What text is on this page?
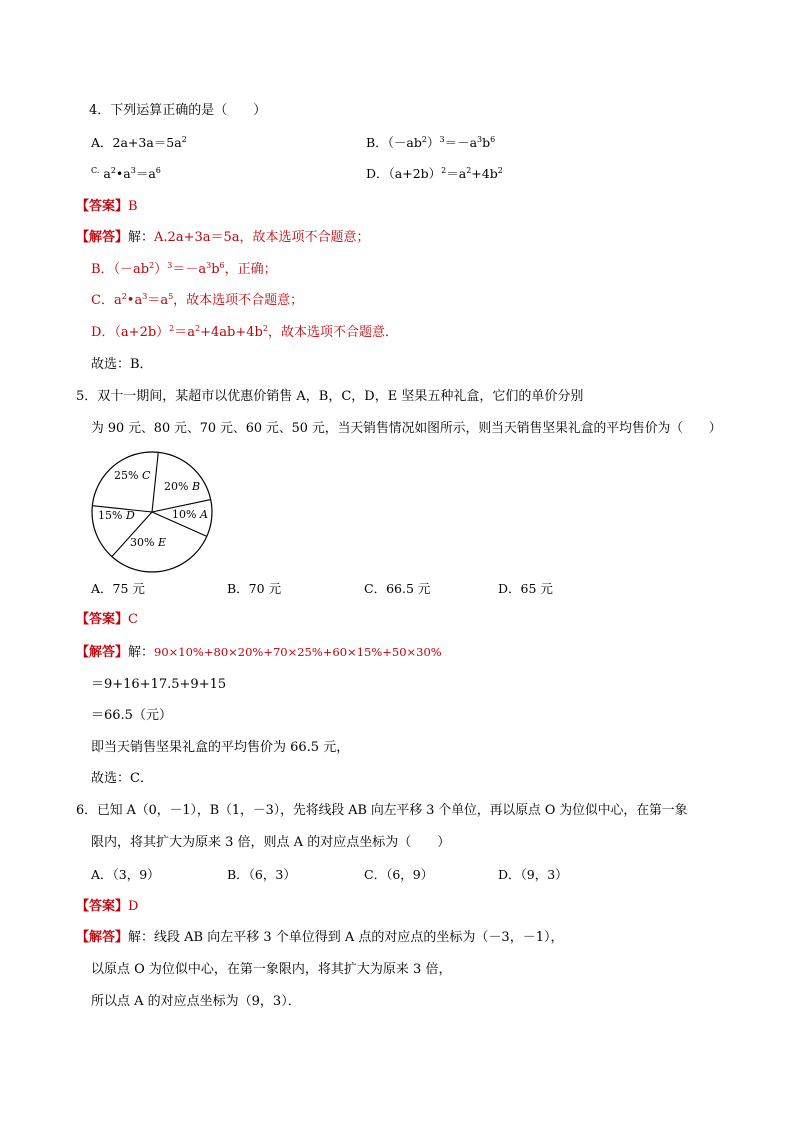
4．下列运算正确的是（　　）
A．$2a+3a=5a^2$	B．$(-ab^2)^3=-a^3b^6$
$^{C.}$ $a^2•a^3=a^6$	D．$(a+2b)^2=a^2+4b^2$
【答案】B
【解答】解：A.2a+3a＝5a，故本选项不合题意；
B．$(-ab^2)^3=-a^3b^6$，正确；
C．$a^2•a^3=a^5$，故本选项不合题意；
D．$(a+2b)^2=a^2+4ab+4b^2$，故本选项不合题意．
故选：B．
5．双十一期间，某超市以优惠价销售 A，B，C，D，E 坚果五种礼盒，它们的单价分别
为 90 元、80 元、70 元、60 元、50 元，当天销售情况如图所示，则当天销售坚果礼盒的平均售价为（　　）
25% C
20% B
10% A
15% D
30% E
A．75 元	B．70 元	C．66.5 元	D．65 元
【答案】C
【解答】解：90×10%+80×20%+70×25%+60×15%+50×30%
＝9+16+17.5+9+15
＝66.5（元）
即当天销售坚果礼盒的平均售价为 66.5 元，
故选：C．
6．已知 A（0，－1），B（1，－3），先将线段 AB 向左平移 3 个单位，再以原点 O 为位似中心，在第一象
限内，将其扩大为原来 3 倍，则点 A 的对应点坐标为（　　）
A．（3，9）	B．（6，3）	C．（6，9）	D．（9，3）
【答案】D
【解答】解：线段 AB 向左平移 3 个单位得到 A 点的对应点的坐标为（－3，－1），
以原点 O 为位似中心，在第一象限内，将其扩大为原来 3 倍，
所以点 A 的对应点坐标为（9，3）．
